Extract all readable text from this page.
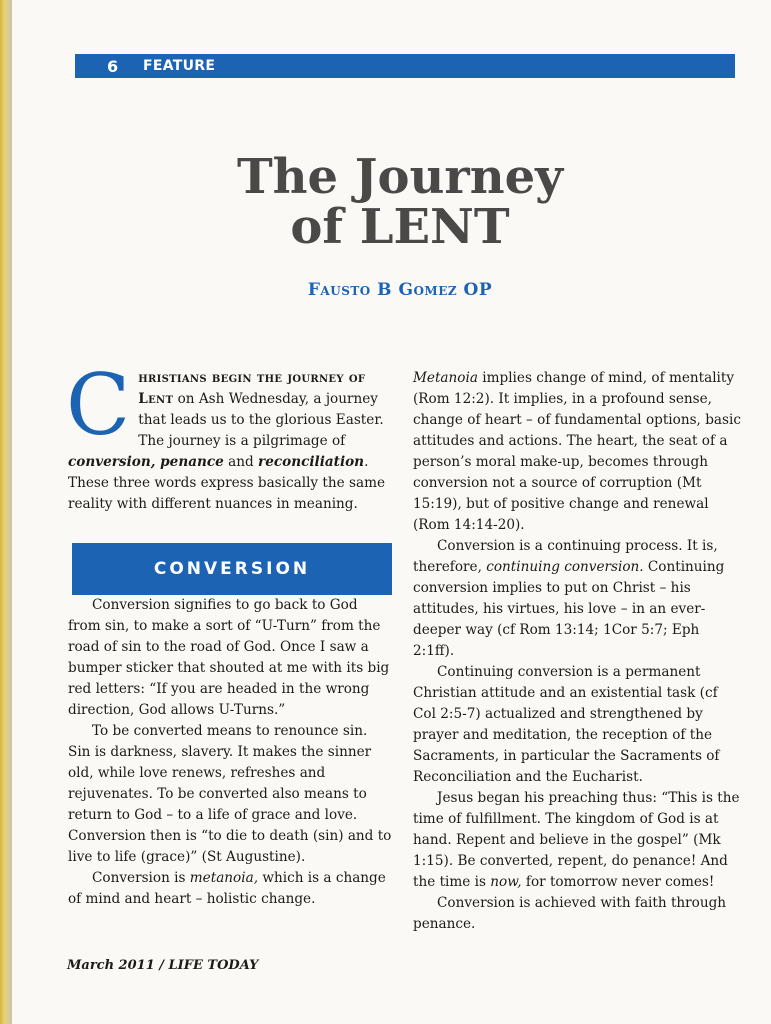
6	FEATURE
The Journey
of LENT

Fausto B Gomez OP

Christians begin the journey of Lent on Ash Wednesday, a journey that leads us to the glorious Easter. The journey is a pilgrimage of conversion, penance and reconciliation. These three words express basically the same reality with different nuances in meaning.

Conversion signifies to go back to God from sin, to make a sort of “U-Turn” from the road of sin to the road of God. Once I saw a bumper sticker that shouted at me with its big red letters: “If you are headed in the wrong direction, God allows U-Turns.”

To be converted means to renounce sin. Sin is darkness, slavery. It makes the sinner old, while love renews, refreshes and rejuvenates. To be converted also means to return to God – to a life of grace and love. Conversion then is “to die to death (sin) and to live to life (grace)” (St Augustine).

Conversion is metanoia, which is a change of mind and heart – holistic change.

CONVERSION

Metanoia implies change of mind, of mentality (Rom 12:2). It implies, in a profound sense, change of heart – of fundamental options, basic attitudes and actions. The heart, the seat of a person’s moral make-up, becomes through conversion not a source of corruption (Mt 15:19), but of positive change and renewal (Rom 14:14-20).

Conversion is a continuing process. It is, therefore, continuing conversion. Continuing conversion implies to put on Christ – his attitudes, his virtues, his love – in an ever-deeper way (cf Rom 13:14; 1Cor 5:7; Eph 2:1ff).

Continuing conversion is a permanent Christian attitude and an existential task (cf Col 2:5-7) actualized and strengthened by prayer and meditation, the reception of the Sacraments, in particular the Sacraments of Reconciliation and the Eucharist.

Jesus began his preaching thus: “This is the time of fulfillment. The kingdom of God is at hand. Repent and believe in the gospel” (Mk 1:15). Be converted, repent, do penance! And the time is now, for tomorrow never comes!

Conversion is achieved with faith through penance.

March 2011 / LIFE TODAY
